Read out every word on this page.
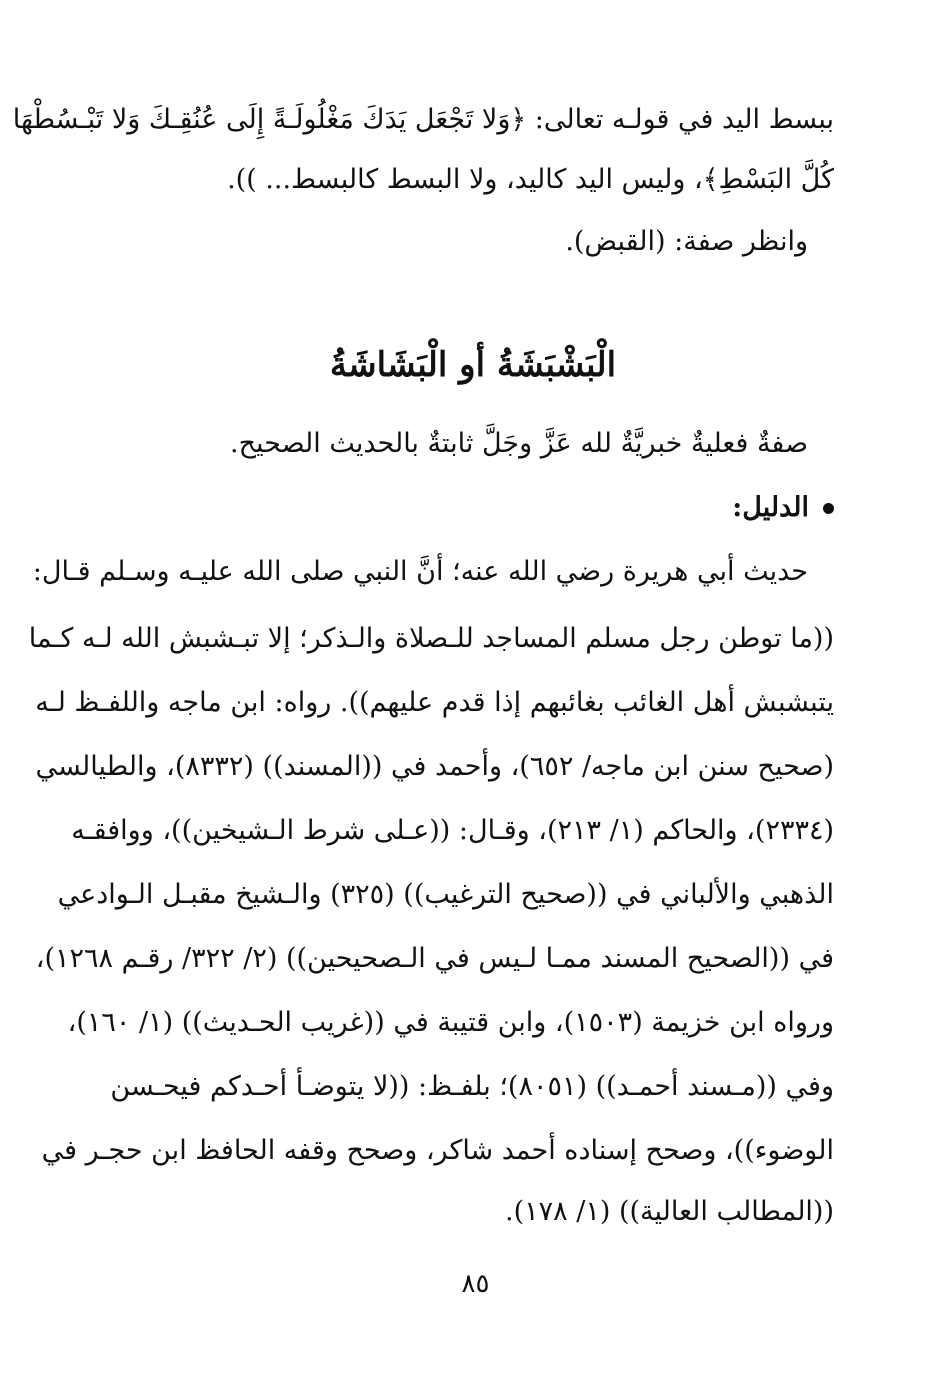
ببسط اليد في قولـه تعالى: ﴿وَلا تَجْعَل يَدَكَ مَغْلُولَـةً إِلَى عُنُقِـكَ وَلا تَبْـسُطْهَا
كُلَّ البَسْطِ﴾، وليس اليد كاليد، ولا البسط كالبسط... )).
وانظر صفة: (القبض).
الْبَشْبَشَةُ أو الْبَشَاشَةُ
صفةٌ فعليةٌ خبريَّةٌ لله عَزَّ وجَلَّ ثابتةٌ بالحديث الصحيح.
الدليل:
حديث أبي هريرة رضي الله عنه؛ أنَّ النبي صلى الله عليـه وسـلم قـال:
((ما توطن رجل مسلم المساجد للـصلاة والـذكر؛ إلا تبـشبش الله لـه كـما
يتبشبش أهل الغائب بغائبهم إذا قدم عليهم)). رواه: ابن ماجه واللفـظ لـه
(صحيح سنن ابن ماجه/ ٦٥٢)، وأحمد في ((المسند)) (٨٣٣٢)، والطيالسي
(٢٣٣٤)، والحاكم (١/ ٢١٣)، وقـال: ((عـلى شرط الـشيخين))، ووافقـه
الذهبي والألباني في ((صحيح الترغيب)) (٣٢٥) والـشيخ مقبـل الـوادعي
في ((الصحيح المسند ممـا لـيس في الـصحيحين)) (٢/ ٣٢٢/ رقـم ١٢٦٨)،
ورواه ابن خزيمة (١٥٠٣)، وابن قتيبة في ((غريب الحـديث)) (١/ ١٦٠)،
وفي ((مـسند أحمـد)) (٨٠٥١)؛ بلفـظ: ((لا يتوضـأ أحـدكم فيحـسن
الوضوء))، وصحح إسناده أحمد شاكر، وصحح وقفه الحافظ ابن حجـر في
((المطالب العالية)) (١/ ١٧٨).
٨٥
